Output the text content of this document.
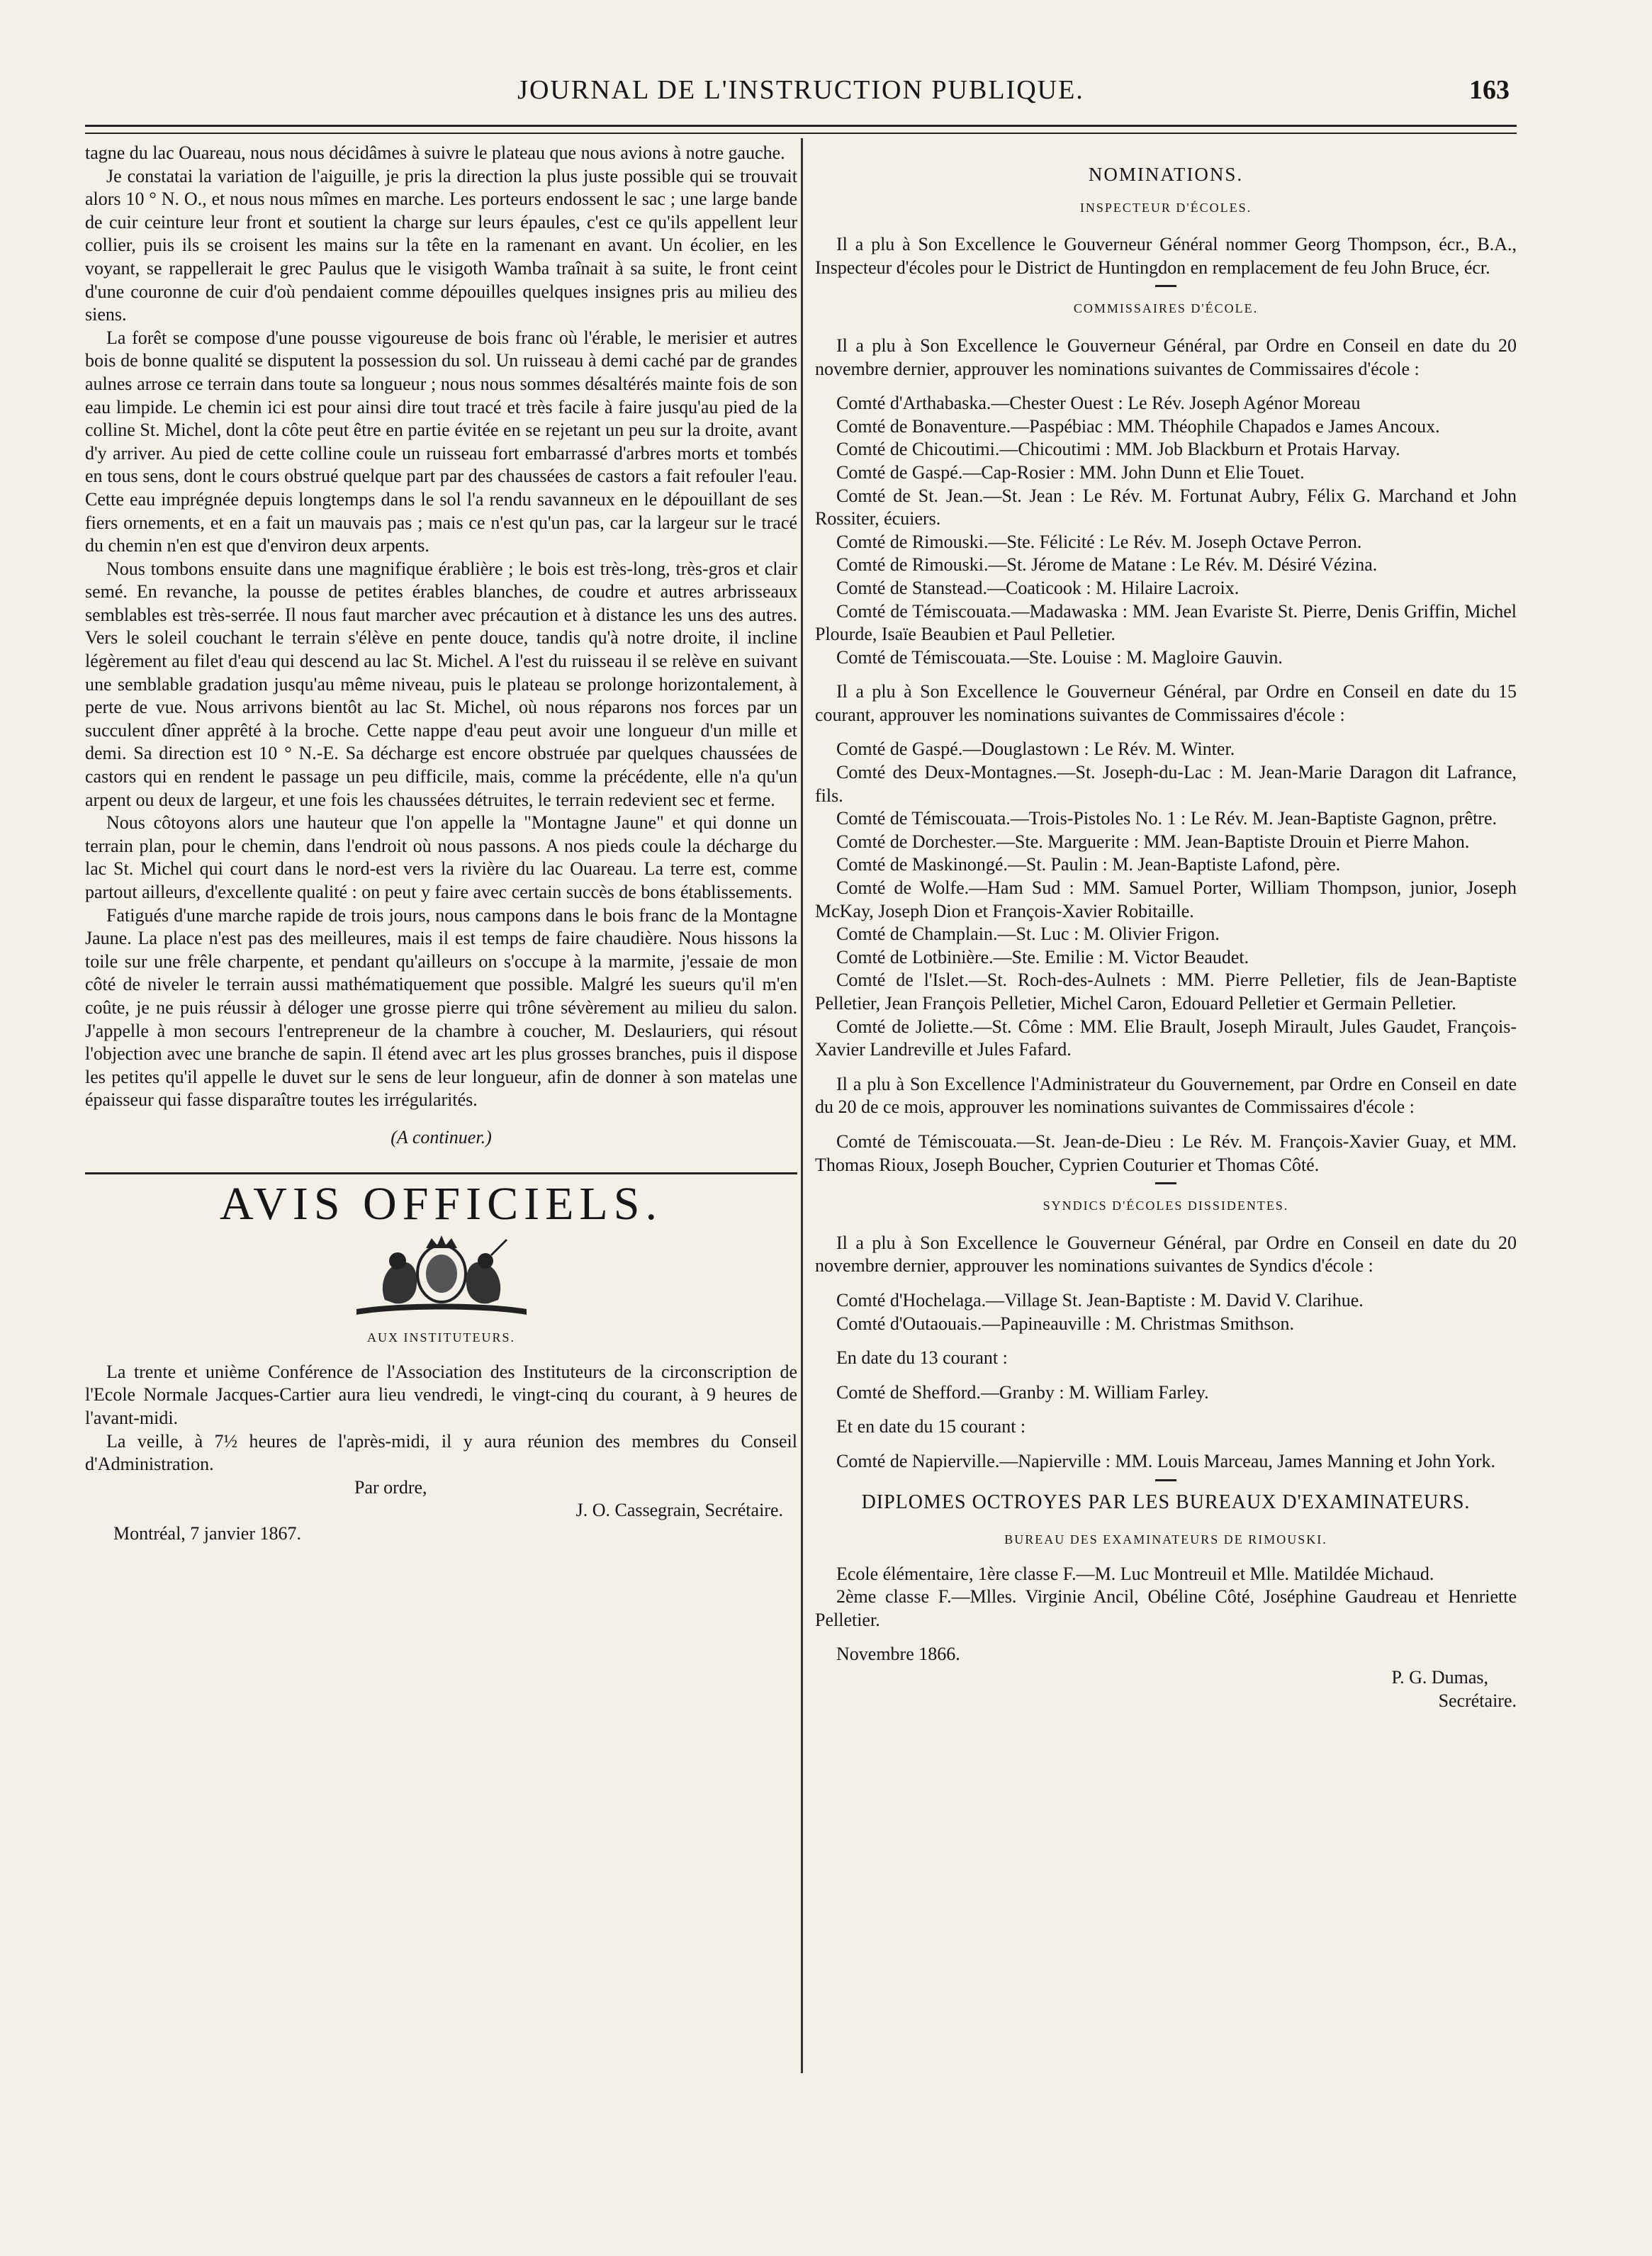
JOURNAL DE L'INSTRUCTION PUBLIQUE.	163

tagne du lac Ouareau, nous nous décidâmes à suivre le plateau que nous avions à notre gauche.

Je constatai la variation de l'aiguille, je pris la direction la plus juste possible qui se trouvait alors 10 ° N. O., et nous nous mîmes en marche. Les porteurs endossent le sac ; une large bande de cuir ceinture leur front et soutient la charge sur leurs épaules, c'est ce qu'ils appellent leur collier, puis ils se croisent les mains sur la tête en la ramenant en avant. Un écolier, en les voyant, se rappellerait le grec Paulus que le visigoth Wamba traînait à sa suite, le front ceint d'une couronne de cuir d'où pendaient comme dépouilles quelques insignes pris au milieu des siens.

La forêt se compose d'une pousse vigoureuse de bois franc où l'érable, le merisier et autres bois de bonne qualité se disputent la possession du sol. Un ruisseau à demi caché par de grandes aulnes arrose ce terrain dans toute sa longueur ; nous nous sommes désaltérés mainte fois de son eau limpide. Le chemin ici est pour ainsi dire tout tracé et très facile à faire jusqu'au pied de la colline St. Michel, dont la côte peut être en partie évitée en se rejetant un peu sur la droite, avant d'y arriver. Au pied de cette colline coule un ruisseau fort embarrassé d'arbres morts et tombés en tous sens, dont le cours obstrué quelque part par des chaussées de castors a fait refouler l'eau. Cette eau imprégnée depuis longtemps dans le sol l'a rendu savanneux en le dépouillant de ses fiers ornements, et en a fait un mauvais pas ; mais ce n'est qu'un pas, car la largeur sur le tracé du chemin n'en est que d'environ deux arpents.

Nous tombons ensuite dans une magnifique érablière ; le bois est très-long, très-gros et clair semé. En revanche, la pousse de petites érables blanches, de coudre et autres arbrisseaux semblables est très-serrée. Il nous faut marcher avec précaution et à distance les uns des autres. Vers le soleil couchant le terrain s'élève en pente douce, tandis qu'à notre droite, il incline légèrement au filet d'eau qui descend au lac St. Michel. A l'est du ruisseau il se relève en suivant une semblable gradation jusqu'au même niveau, puis le plateau se prolonge horizontalement, à perte de vue. Nous arrivons bientôt au lac St. Michel, où nous réparons nos forces par un succulent dîner apprêté à la broche. Cette nappe d'eau peut avoir une longueur d'un mille et demi. Sa direction est 10 ° N.-E. Sa décharge est encore obstruée par quelques chaussées de castors qui en rendent le passage un peu difficile, mais, comme la précédente, elle n'a qu'un arpent ou deux de largeur, et une fois les chaussées détruites, le terrain redevient sec et ferme.

Nous côtoyons alors une hauteur que l'on appelle la "Montagne Jaune" et qui donne un terrain plan, pour le chemin, dans l'endroit où nous passons. A nos pieds coule la décharge du lac St. Michel qui court dans le nord-est vers la rivière du lac Ouareau. La terre est, comme partout ailleurs, d'excellente qualité : on peut y faire avec certain succès de bons établissements.

Fatigués d'une marche rapide de trois jours, nous campons dans le bois franc de la Montagne Jaune. La place n'est pas des meilleures, mais il est temps de faire chaudière. Nous hissons la toile sur une frêle charpente, et pendant qu'ailleurs on s'occupe à la marmite, j'essaie de mon côté de niveler le terrain aussi mathématiquement que possible. Malgré les sueurs qu'il m'en coûte, je ne puis réussir à déloger une grosse pierre qui trône sévèrement au milieu du salon. J'appelle à mon secours l'entrepreneur de la chambre à coucher, M. Deslauriers, qui résout l'objection avec une branche de sapin. Il étend avec art les plus grosses branches, puis il dispose les petites qu'il appelle le duvet sur le sens de leur longueur, afin de donner à son matelas une épaisseur qui fasse disparaître toutes les irrégularités.

(A continuer.)

AVIS OFFICIELS.
AUX INSTITUTEURS.

La trente et unième Conférence de l'Association des Instituteurs de la circonscription de l'Ecole Normale Jacques-Cartier aura lieu vendredi, le vingt-cinq du courant, à 9 heures de l'avant-midi.

La veille, à 7½ heures de l'après-midi, il y aura réunion des membres du Conseil d'Administration.

Par ordre,

J. O. Cassegrain, Secrétaire.

Montréal, 7 janvier 1867.

NOMINATIONS.
INSPECTEUR D'ÉCOLES.

Il a plu à Son Excellence le Gouverneur Général nommer Georg Thompson, écr., B.A., Inspecteur d'écoles pour le District de Huntingdon en remplacement de feu John Bruce, écr.

COMMISSAIRES D'ÉCOLE.

Il a plu à Son Excellence le Gouverneur Général, par Ordre en Conseil en date du 20 novembre dernier, approuver les nominations suivantes de Commissaires d'école :

Comté d'Arthabaska.—Chester Ouest : Le Rév. Joseph Agénor Moreau

Comté de Bonaventure.—Paspébiac : MM. Théophile Chapados e James Ancoux.

Comté de Chicoutimi.—Chicoutimi : MM. Job Blackburn et Protais Harvay.

Comté de Gaspé.—Cap-Rosier : MM. John Dunn et Elie Touet.

Comté de St. Jean.—St. Jean : Le Rév. M. Fortunat Aubry, Félix G. Marchand et John Rossiter, écuiers.

Comté de Rimouski.—Ste. Félicité : Le Rév. M. Joseph Octave Perron.

Comté de Rimouski.—St. Jérome de Matane : Le Rév. M. Désiré Vézina.

Comté de Stanstead.—Coaticook : M. Hilaire Lacroix.

Comté de Témiscouata.—Madawaska : MM. Jean Evariste St. Pierre, Denis Griffin, Michel Plourde, Isaïe Beaubien et Paul Pelletier.

Comté de Témiscouata.—Ste. Louise : M. Magloire Gauvin.

Il a plu à Son Excellence le Gouverneur Général, par Ordre en Conseil en date du 15 courant, approuver les nominations suivantes de Commissaires d'école :

Comté de Gaspé.—Douglastown : Le Rév. M. Winter.

Comté des Deux-Montagnes.—St. Joseph-du-Lac : M. Jean-Marie Daragon dit Lafrance, fils.

Comté de Témiscouata.—Trois-Pistoles No. 1 : Le Rév. M. Jean-Baptiste Gagnon, prêtre.

Comté de Dorchester.—Ste. Marguerite : MM. Jean-Baptiste Drouin et Pierre Mahon.

Comté de Maskinongé.—St. Paulin : M. Jean-Baptiste Lafond, père.

Comté de Wolfe.—Ham Sud : MM. Samuel Porter, William Thompson, junior, Joseph McKay, Joseph Dion et François-Xavier Robitaille.

Comté de Champlain.—St. Luc : M. Olivier Frigon.

Comté de Lotbinière.—Ste. Emilie : M. Victor Beaudet.

Comté de l'Islet.—St. Roch-des-Aulnets : MM. Pierre Pelletier, fils de Jean-Baptiste Pelletier, Jean François Pelletier, Michel Caron, Edouard Pelletier et Germain Pelletier.

Comté de Joliette.—St. Côme : MM. Elie Brault, Joseph Mirault, Jules Gaudet, François-Xavier Landreville et Jules Fafard.

Il a plu à Son Excellence l'Administrateur du Gouvernement, par Ordre en Conseil en date du 20 de ce mois, approuver les nominations suivantes de Commissaires d'école :

Comté de Témiscouata.—St. Jean-de-Dieu : Le Rév. M. François-Xavier Guay, et MM. Thomas Rioux, Joseph Boucher, Cyprien Couturier et Thomas Côté.

SYNDICS D'ÉCOLES DISSIDENTES.

Il a plu à Son Excellence le Gouverneur Général, par Ordre en Conseil en date du 20 novembre dernier, approuver les nominations suivantes de Syndics d'école :

Comté d'Hochelaga.—Village St. Jean-Baptiste : M. David V. Clarihue.

Comté d'Outaouais.—Papineauville : M. Christmas Smithson.

En date du 13 courant :

Comté de Shefford.—Granby : M. William Farley.

Et en date du 15 courant :

Comté de Napierville.—Napierville : MM. Louis Marceau, James Manning et John York.

DIPLOMES OCTROYES PAR LES BUREAUX D'EXAMINATEURS.
BUREAU DES EXAMINATEURS DE RIMOUSKI.

Ecole élémentaire, 1ère classe F.—M. Luc Montreuil et Mlle. Matildée Michaud.

2ème classe F.—Mlles. Virginie Ancil, Obéline Côté, Joséphine Gaudreau et Henriette Pelletier.

Novembre 1866.

P. G. Dumas,

Secrétaire.
